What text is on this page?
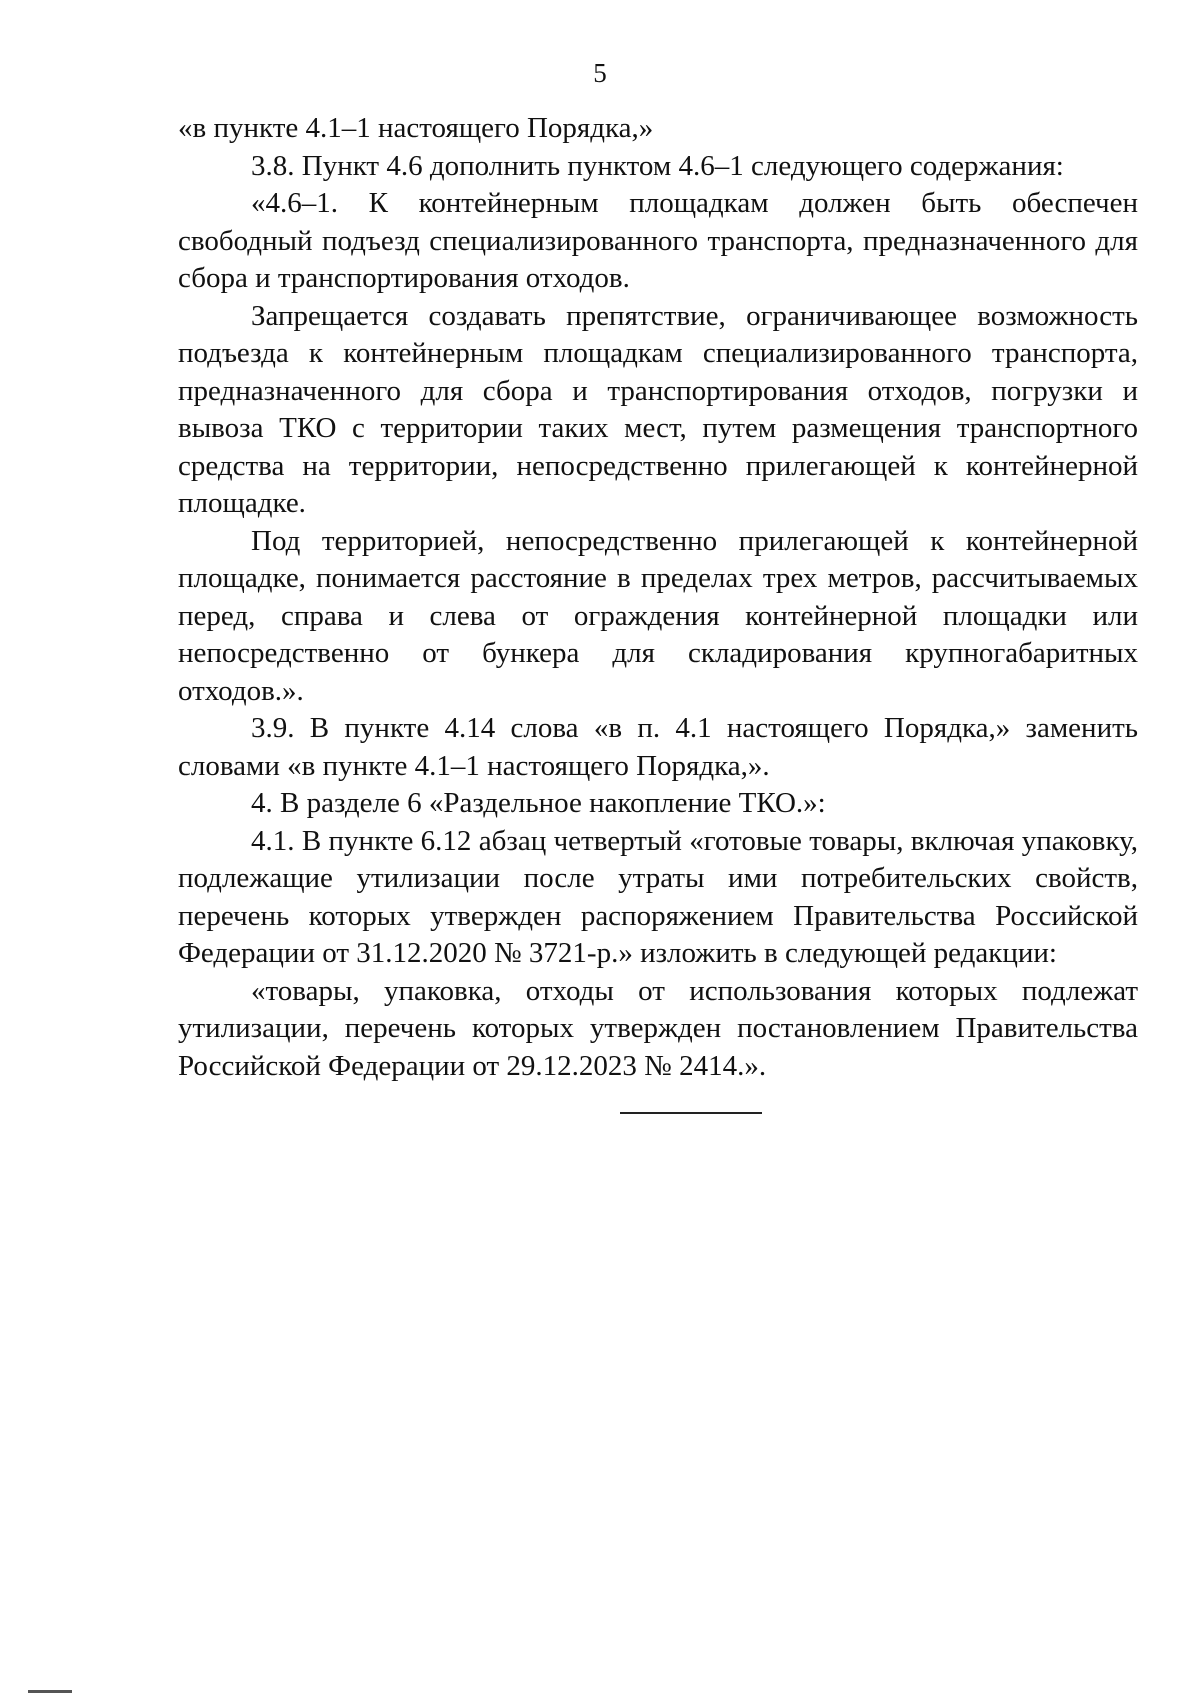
5

«в пункте 4.1–1 настоящего Порядка,»

3.8. Пункт 4.6 дополнить пунктом 4.6–1 следующего содержания:

«4.6–1. К контейнерным площадкам должен быть обеспечен свободный подъезд специализированного транспорта, предназначенного для сбора и транспортирования отходов.

Запрещается создавать препятствие, ограничивающее возможность подъезда к контейнерным площадкам специализированного транспорта, предназначенного для сбора и транспортирования отходов, погрузки и вывоза ТКО с территории таких мест, путем размещения транспортного средства на территории, непосредственно прилегающей к контейнерной площадке.

Под территорией, непосредственно прилегающей к контейнерной площадке, понимается расстояние в пределах трех метров, рассчитываемых перед, справа и слева от ограждения контейнерной площадки или непосредственно от бункера для складирования крупногабаритных отходов.».

3.9. В пункте 4.14 слова «в п. 4.1 настоящего Порядка,» заменить словами «в пункте 4.1–1 настоящего Порядка,».

4. В разделе 6 «Раздельное накопление ТКО.»:

4.1. В пункте 6.12 абзац четвертый «готовые товары, включая упаковку, подлежащие утилизации после утраты ими потребительских свойств, перечень которых утвержден распоряжением Правительства Российской Федерации от 31.12.2020 № 3721-р.» изложить в следующей редакции:

«товары, упаковка, отходы от использования которых подлежат утилизации, перечень которых утвержден постановлением Правительства Российской Федерации от 29.12.2023 № 2414.».
